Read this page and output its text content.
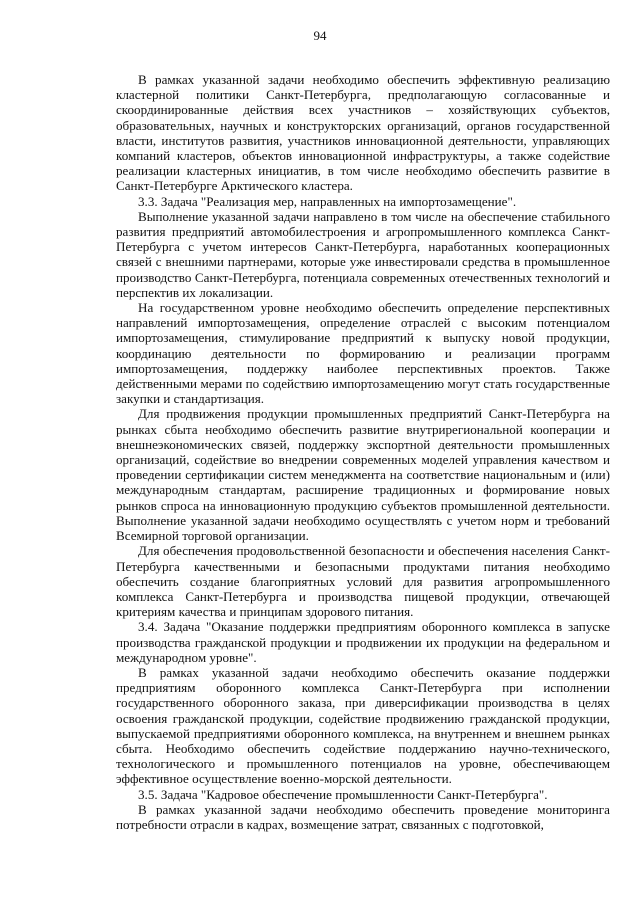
94

В рамках указанной задачи необходимо обеспечить эффективную реализацию кластерной политики Санкт-Петербурга, предполагающую согласованные и скоординированные действия всех участников – хозяйствующих субъектов, образовательных, научных и конструкторских организаций, органов государственной власти, институтов развития, участников инновационной деятельности, управляющих компаний кластеров, объектов инновационной инфраструктуры, а также содействие реализации кластерных инициатив, в том числе необходимо обеспечить развитие в Санкт-Петербурге Арктического кластера.

3.3. Задача "Реализация мер, направленных на импортозамещение".

Выполнение указанной задачи направлено в том числе на обеспечение стабильного развития предприятий автомобилестроения и агропромышленного комплекса Санкт-Петербурга с учетом интересов Санкт-Петербурга, наработанных кооперационных связей с внешними партнерами, которые уже инвестировали средства в промышленное производство Санкт-Петербурга, потенциала современных отечественных технологий и перспектив их локализации.

На государственном уровне необходимо обеспечить определение перспективных направлений импортозамещения, определение отраслей с высоким потенциалом импортозамещения, стимулирование предприятий к выпуску новой продукции, координацию деятельности по формированию и реализации программ импортозамещения, поддержку наиболее перспективных проектов. Также действенными мерами по содействию импортозамещению могут стать государственные закупки и стандартизация.

Для продвижения продукции промышленных предприятий Санкт-Петербурга на рынках сбыта необходимо обеспечить развитие внутрирегиональной кооперации и внешнеэкономических связей, поддержку экспортной деятельности промышленных организаций, содействие во внедрении современных моделей управления качеством и проведении сертификации систем менеджмента на соответствие национальным и (или) международным стандартам, расширение традиционных и формирование новых рынков спроса на инновационную продукцию субъектов промышленной деятельности. Выполнение указанной задачи необходимо осуществлять с учетом норм и требований Всемирной торговой организации.

Для обеспечения продовольственной безопасности и обеспечения населения Санкт-Петербурга качественными и безопасными продуктами питания необходимо обеспечить создание благоприятных условий для развития агропромышленного комплекса Санкт-Петербурга и производства пищевой продукции, отвечающей критериям качества и принципам здорового питания.

3.4. Задача "Оказание поддержки предприятиям оборонного комплекса в запуске производства гражданской продукции и продвижении их продукции на федеральном и международном уровне".

В рамках указанной задачи необходимо обеспечить оказание поддержки предприятиям оборонного комплекса Санкт-Петербурга при исполнении государственного оборонного заказа, при диверсификации производства в целях освоения гражданской продукции, содействие продвижению гражданской продукции, выпускаемой предприятиями оборонного комплекса, на внутреннем и внешнем рынках сбыта. Необходимо обеспечить содействие поддержанию научно-технического, технологического и промышленного потенциалов на уровне, обеспечивающем эффективное осуществление военно-морской деятельности.

3.5. Задача "Кадровое обеспечение промышленности Санкт-Петербурга".

В рамках указанной задачи необходимо обеспечить проведение мониторинга потребности отрасли в кадрах, возмещение затрат, связанных с подготовкой,
